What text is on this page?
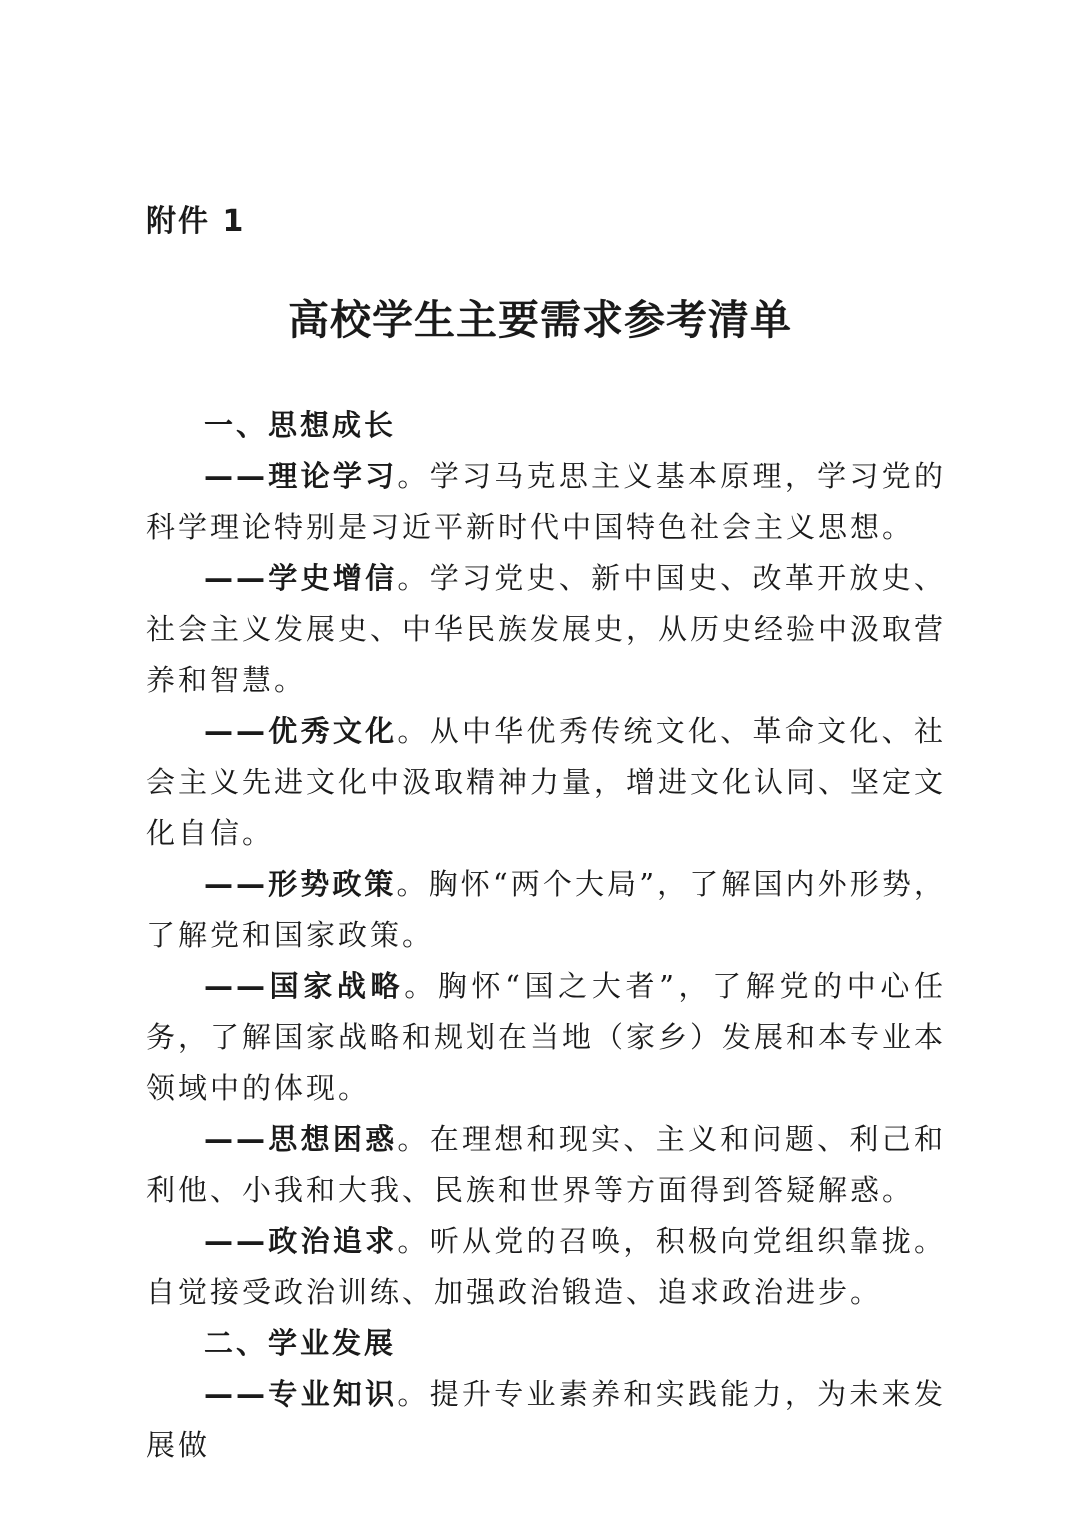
附件 1

高校学生主要需求参考清单
一、思想成长

——理论学习。学习马克思主义基本原理，学习党的科学理论特别是习近平新时代中国特色社会主义思想。

——学史增信。学习党史、新中国史、改革开放史、社会主义发展史、中华民族发展史，从历史经验中汲取营养和智慧。

——优秀文化。从中华优秀传统文化、革命文化、社会主义先进文化中汲取精神力量，增进文化认同、坚定文化自信。

——形势政策。胸怀“两个大局”，了解国内外形势，了解党和国家政策。

——国家战略。胸怀“国之大者”，了解党的中心任务，了解国家战略和规划在当地（家乡）发展和本专业本领域中的体现。

——思想困惑。在理想和现实、主义和问题、利己和利他、小我和大我、民族和世界等方面得到答疑解惑。

——政治追求。听从党的召唤，积极向党组织靠拢。自觉接受政治训练、加强政治锻造、追求政治进步。

二、学业发展

——专业知识。提升专业素养和实践能力，为未来发展做
